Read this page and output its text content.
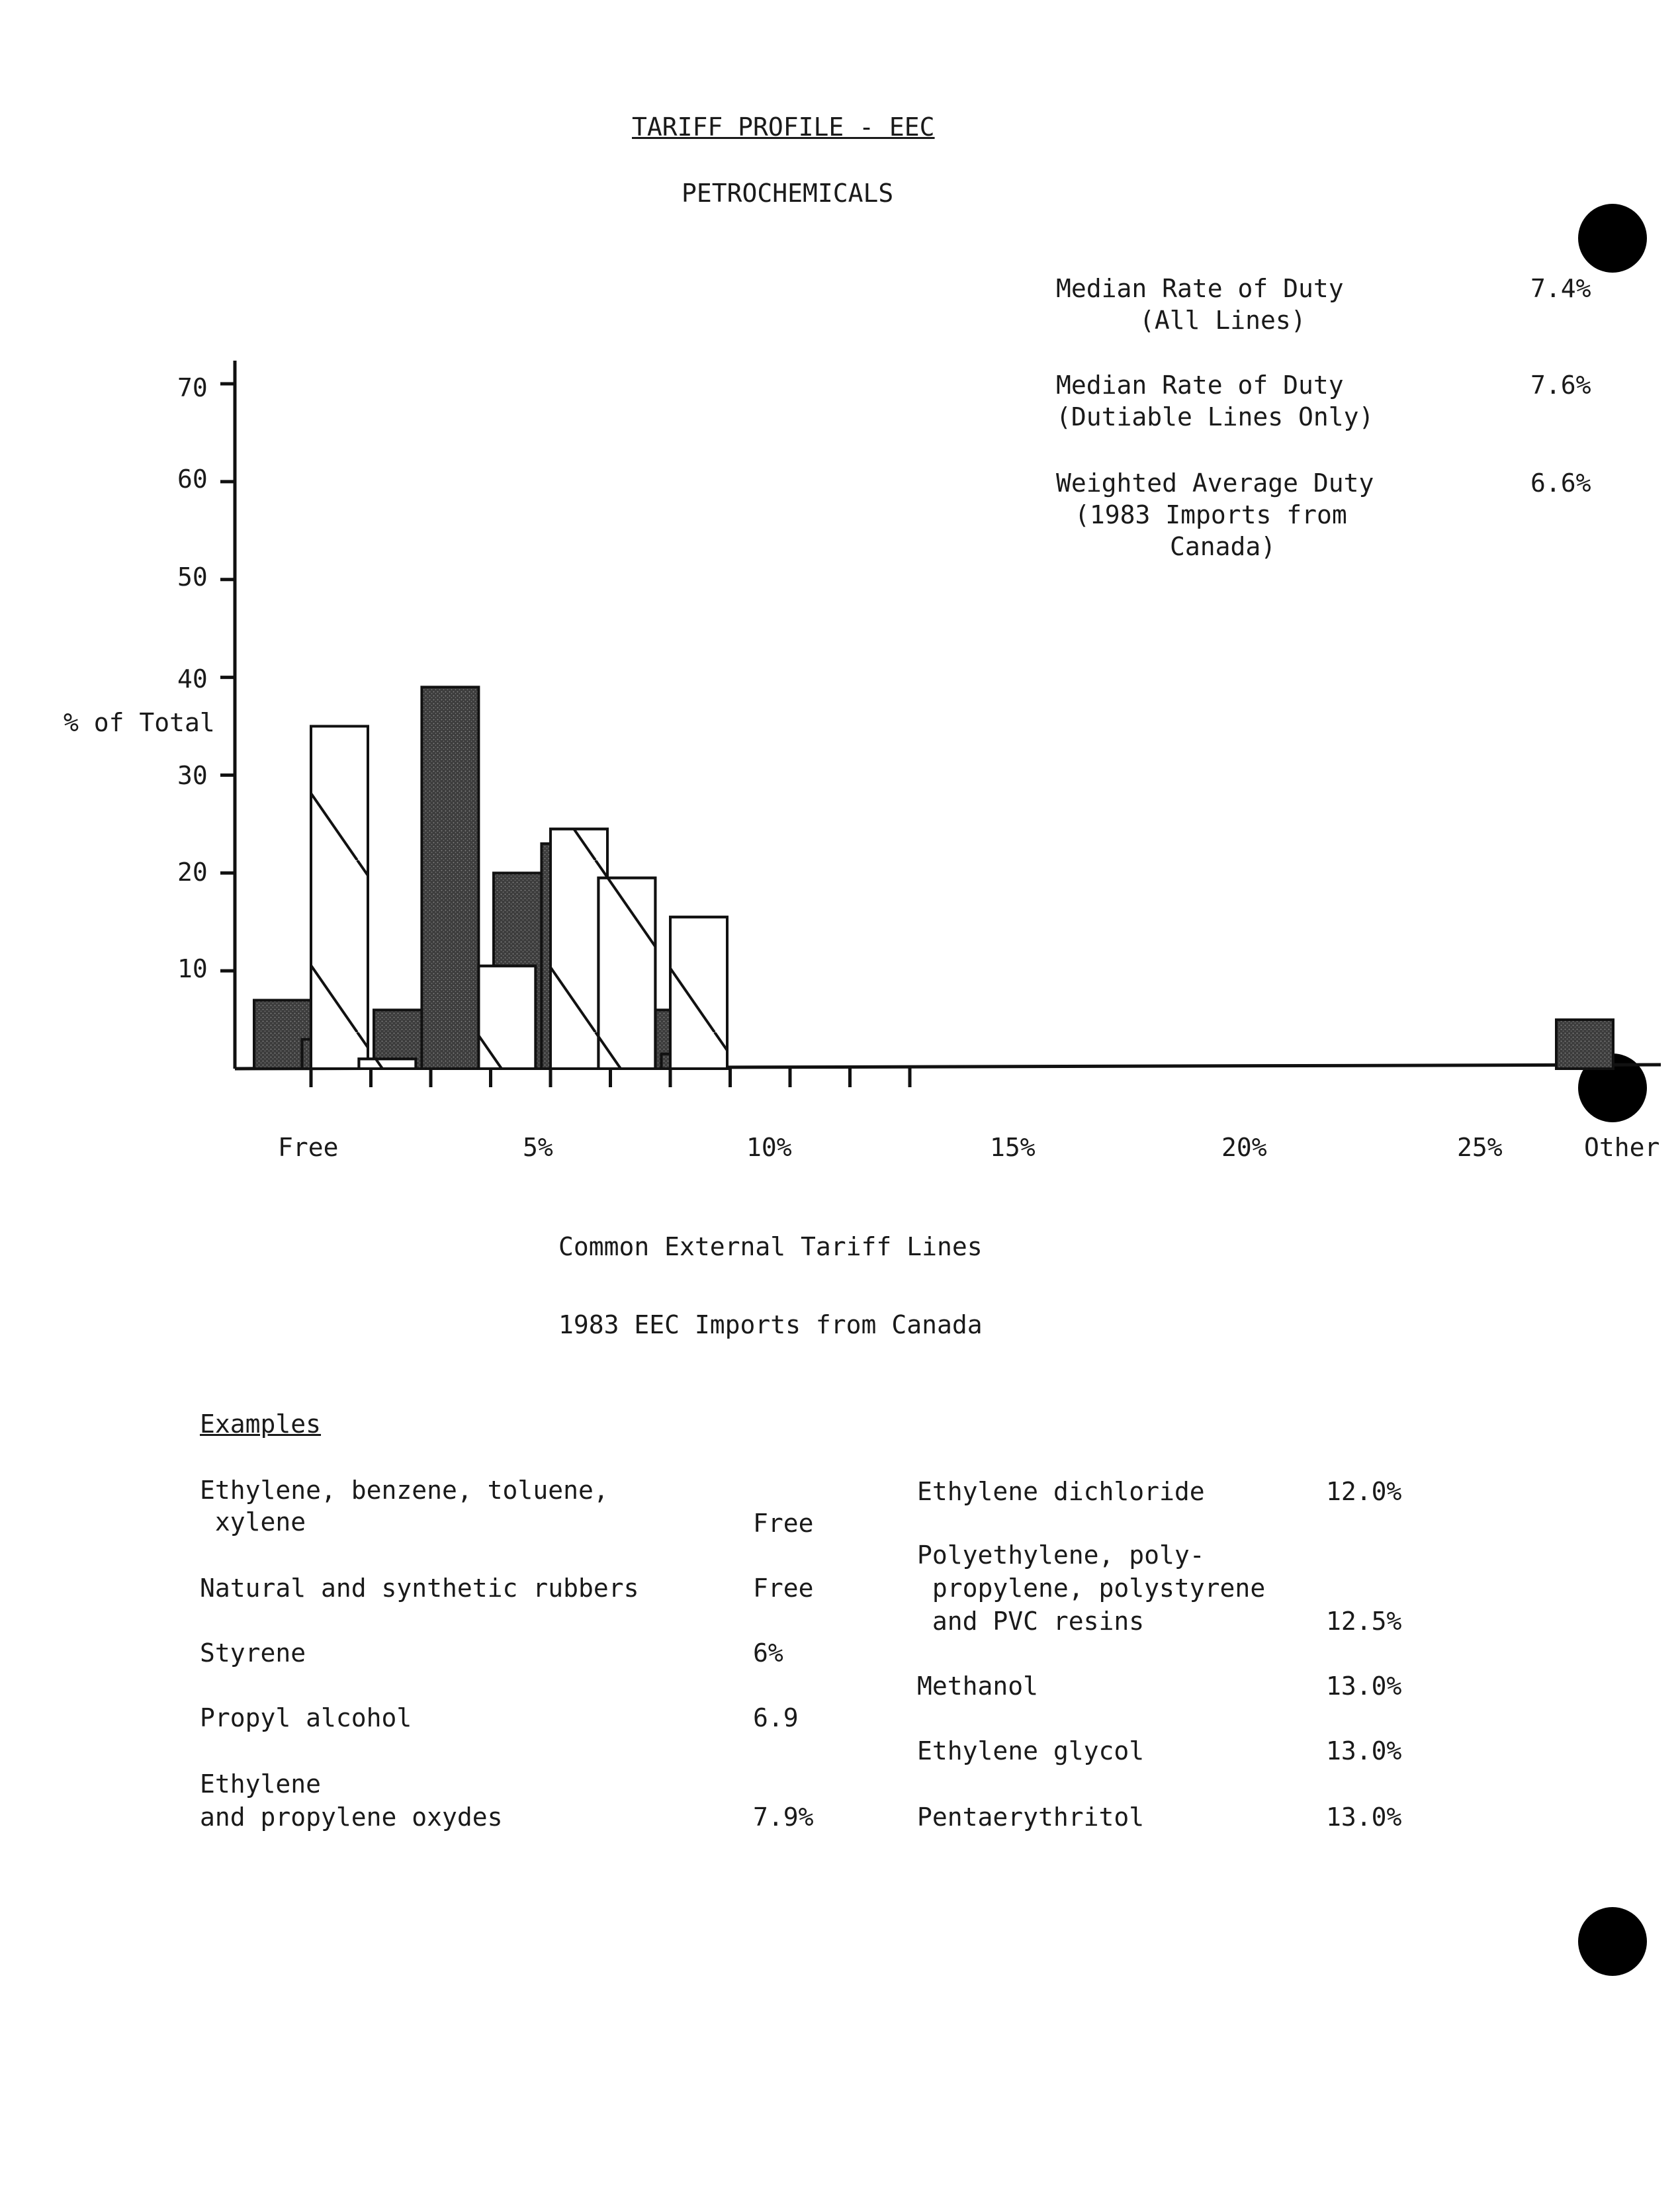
TARIFF PROFILE - EEC
PETROCHEMICALS
Median Rate of Duty
(All Lines)
7.4%
Median Rate of Duty
(Dutiable Lines Only)
7.6%
Weighted Average Duty
(1983 Imports from
Canada)
6.6%
% of Total
70
60
50
40
30
20
10
Free	5%	10%	15%	20%	25%	Other
Common External Tariff Lines
1983 EEC Imports from Canada
Examples
Ethylene, benzene, toluene,
xylene	Free
Natural and synthetic rubbers	Free
Styrene	6%
Propyl alcohol	6.9
Ethylene
and propylene oxydes	7.9%
Ethylene dichloride	12.0%
Polyethylene, poly-
propylene, polystyrene
and PVC resins	12.5%
Methanol	13.0%
Ethylene glycol	13.0%
Pentaerythritol	13.0%
